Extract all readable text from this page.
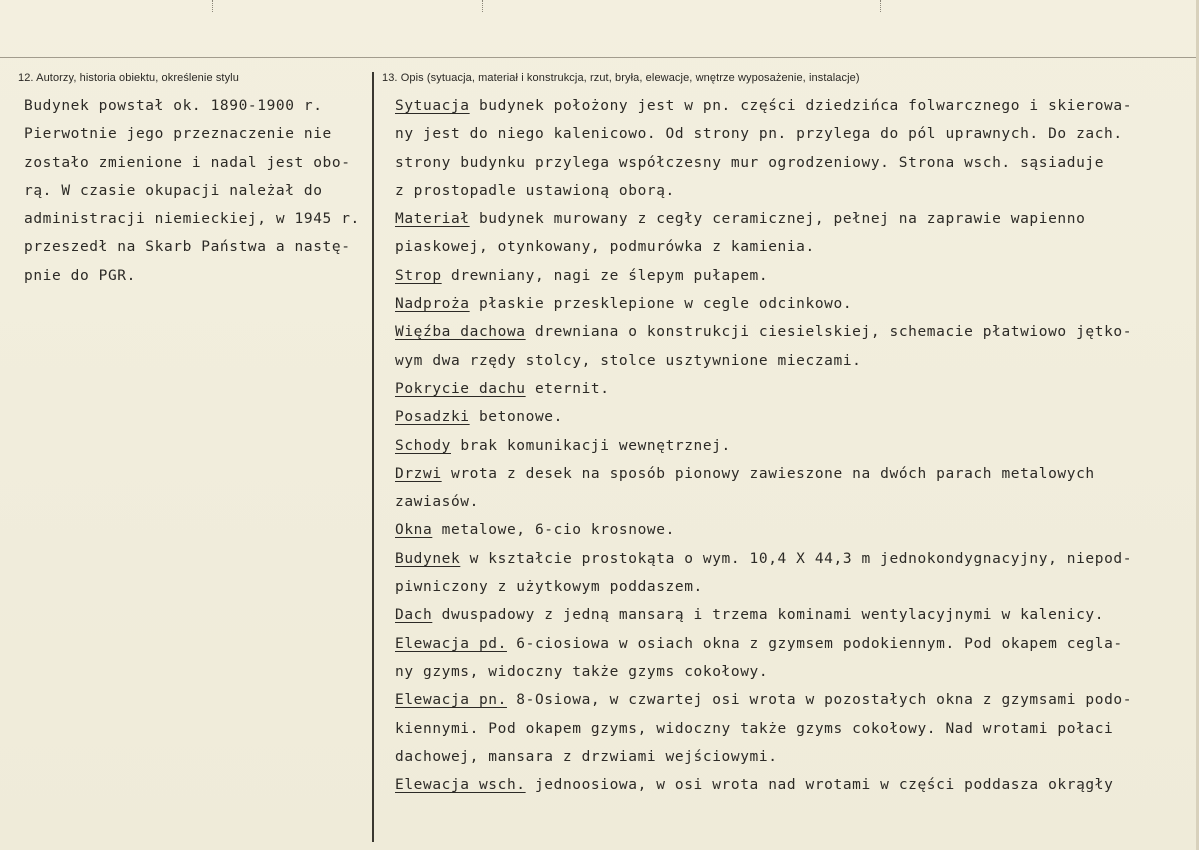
12. Autorzy, historia obiektu, określenie stylu	13. Opis (sytuacja, materiał i konstrukcja, rzut, bryła, elewacje, wnętrze wyposażenie, instalacje)
Budynek powstał ok. 1890-1900 r.
Pierwotnie jego przeznaczenie nie
zostało zmienione i nadal jest obo-
rą. W czasie okupacji należał do
administracji niemieckiej, w 1945 r.
przeszedł na Skarb Państwa a nastę-
pnie do PGR.
Sytuacja budynek położony jest w pn. części dziedzińca folwarcznego i skierowa-
ny jest do niego kalenicowo. Od strony pn. przylega do pól uprawnych. Do zach.
strony budynku przylega współczesny mur ogrodzeniowy. Strona wsch. sąsiaduje
z prostopadle ustawioną oborą.
Materiał budynek murowany z cegły ceramicznej, pełnej na zaprawie wapienno
piaskowej, otynkowany, podmurówka z kamienia.
Strop drewniany, nagi ze ślepym pułapem.
Nadproża płaskie przesklepione w cegle odcinkowo.
Więźba dachowa drewniana o konstrukcji ciesielskiej, schemacie płatwiowo jętko-
wym dwa rzędy stolcy, stolce usztywnione mieczami.
Pokrycie dachu eternit.
Posadzki betonowe.
Schody brak komunikacji wewnętrznej.
Drzwi wrota z desek na sposób pionowy zawieszone na dwóch parach metalowych
zawiasów.
Okna metalowe, 6-cio krosnowe.
Budynek w kształcie prostokąta o wym. 10,4 X 44,3 m jednokondygnacyjny, niepod-
piwniczony z użytkowym poddaszem.
Dach dwuspadowy z jedną mansarą i trzema kominami wentylacyjnymi w kalenicy.
Elewacja pd. 6-ciosiowa w osiach okna z gzymsem podokiennym. Pod okapem cegla-
ny gzyms, widoczny także gzyms cokołowy.
Elewacja pn. 8-Osiowa, w czwartej osi wrota w pozostałych okna z gzymsami podo-
kiennymi. Pod okapem gzyms, widoczny także gzyms cokołowy. Nad wrotami połaci
dachowej, mansara z drzwiami wejściowymi.
Elewacja wsch. jednoosiowa, w osi wrota nad wrotami w części poddasza okrągły
